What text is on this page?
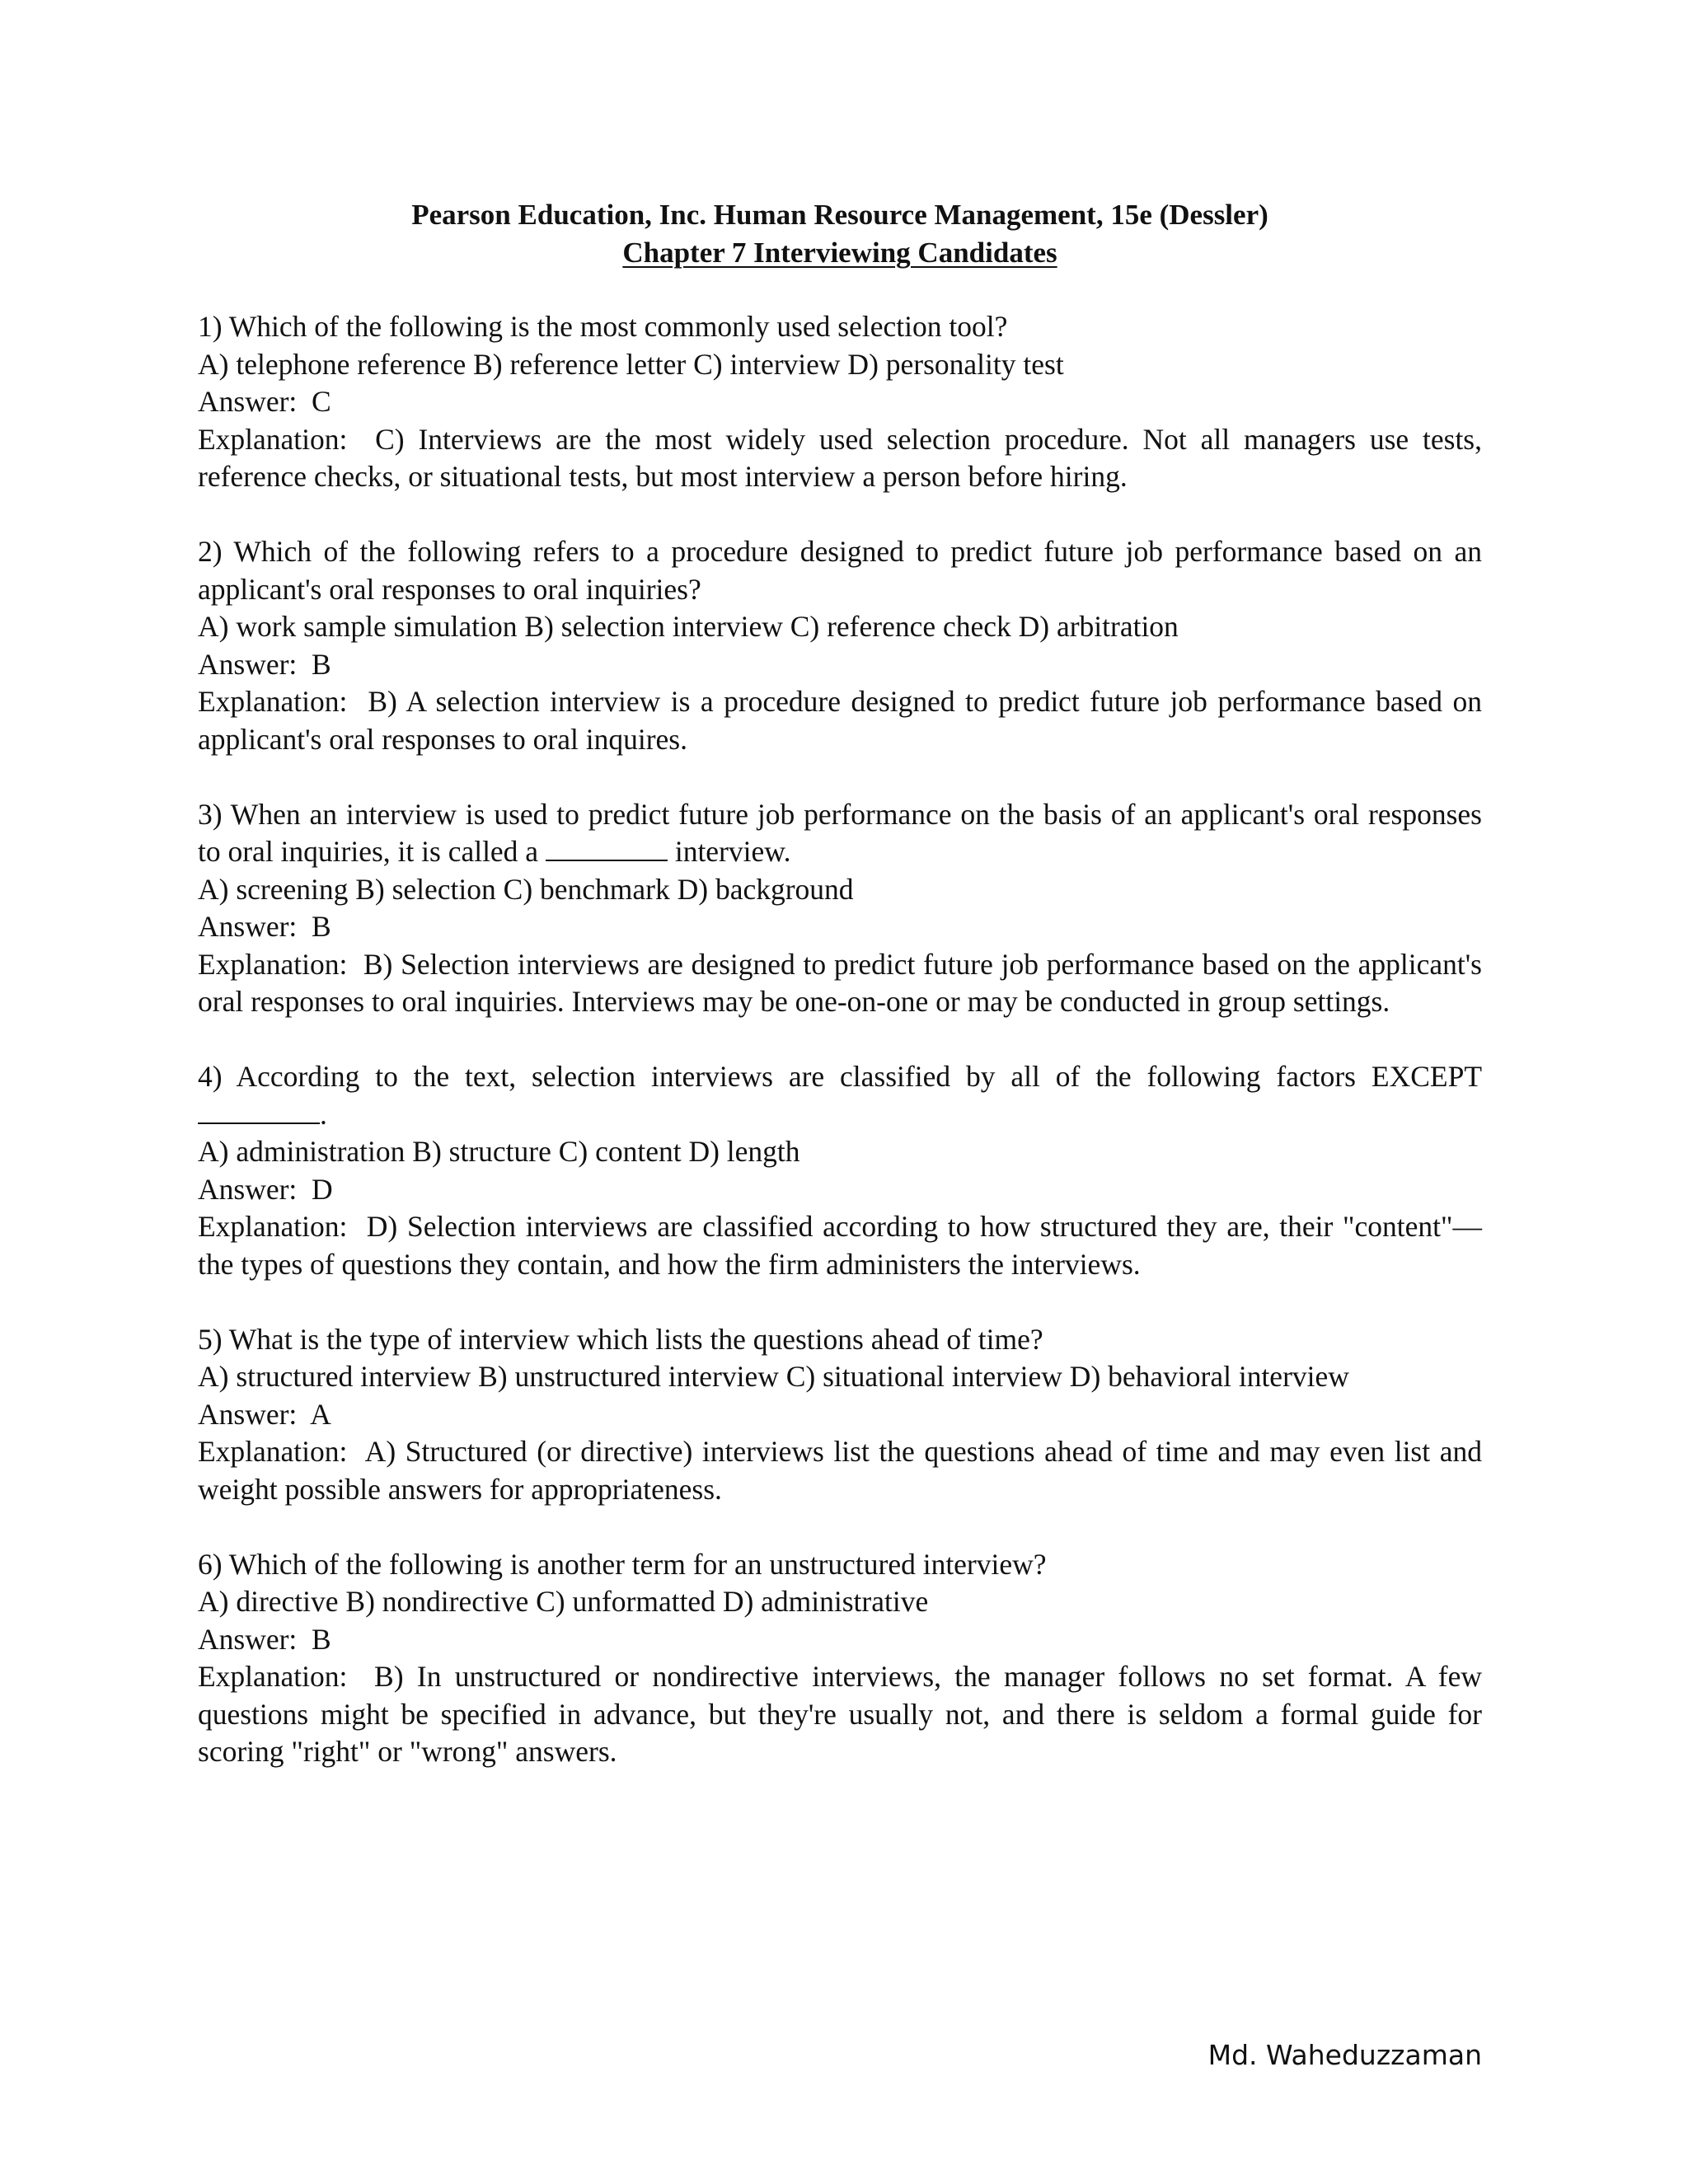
Pearson Education, Inc. Human Resource Management, 15e (Dessler)
Chapter 7 Interviewing Candidates
1) Which of the following is the most commonly used selection tool?
A) telephone reference B) reference letter C) interview D) personality test
Answer:  C
Explanation:  C) Interviews are the most widely used selection procedure. Not all managers use tests, reference checks, or situational tests, but most interview a person before hiring.
2) Which of the following refers to a procedure designed to predict future job performance based on an applicant's oral responses to oral inquiries?
A) work sample simulation B) selection interview C) reference check D) arbitration
Answer:  B
Explanation:  B) A selection interview is a procedure designed to predict future job performance based on applicant's oral responses to oral inquires.
3) When an interview is used to predict future job performance on the basis of an applicant's oral responses to oral inquiries, it is called a	interview.
A) screening B) selection C) benchmark D) background
Answer:  B
Explanation:  B) Selection interviews are designed to predict future job performance based on the applicant's oral responses to oral inquiries. Interviews may be one-on-one or may be conducted in group settings.
4) According to the text, selection interviews are classified by all of the following factors EXCEPT .
A) administration B) structure C) content D) length
Answer:  D
Explanation:  D) Selection interviews are classified according to how structured they are, their "content"—the types of questions they contain, and how the firm administers the interviews.
5) What is the type of interview which lists the questions ahead of time?
A) structured interview B) unstructured interview C) situational interview D) behavioral interview
Answer:  A
Explanation:  A) Structured (or directive) interviews list the questions ahead of time and may even list and weight possible answers for appropriateness.
6) Which of the following is another term for an unstructured interview?
A) directive B) nondirective C) unformatted D) administrative
Answer:  B
Explanation:  B) In unstructured or nondirective interviews, the manager follows no set format. A few questions might be specified in advance, but they're usually not, and there is seldom a formal guide for scoring "right" or "wrong" answers.
Md. Waheduzzaman
